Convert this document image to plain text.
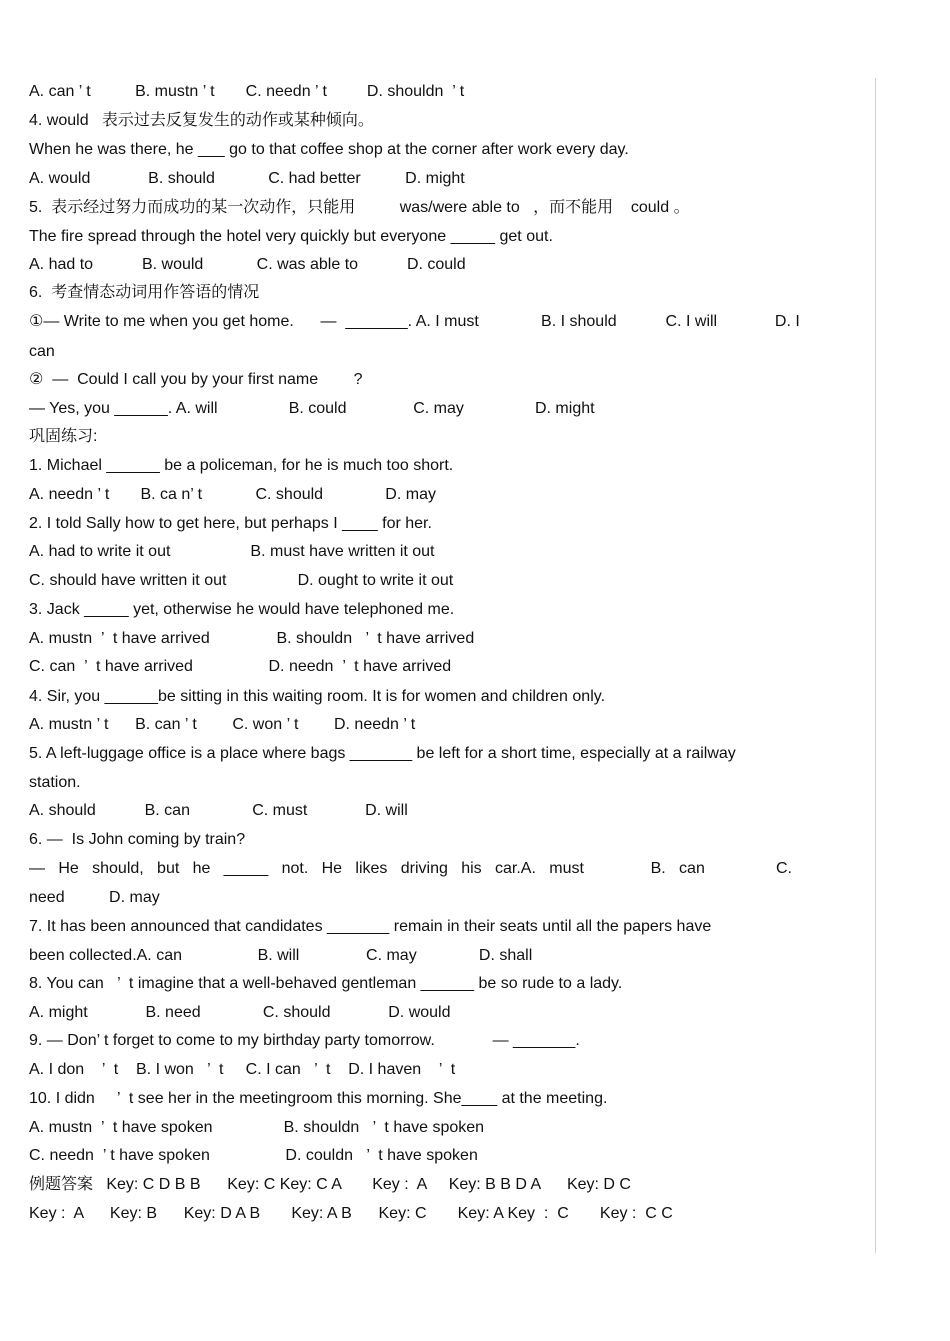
A. can ’ t          B. mustn ’ t       C. needn ’ t         D. shouldn  ’ t
4. would   表示过去反复发生的动作或某种倾向。
When he was there, he ___ go to that coffee shop at the corner after work every day.
A. would             B. should            C. had better          D. might
5.  表示经过努力而成功的某一次动作，只能用          was/were able to   ，而不能用    could 。
The fire spread through the hotel very quickly but everyone _____ get out.
A. had to           B. would            C. was able to           D. could
6.  考查情态动词用作答语的情况
①— Write to me when you get home.      —  _______. A. I must              B. I should           C. I will             D. I
can
②  —  Could I call you by your first name        ?
— Yes, you ______. A. will                B. could               C. may                D. might
巩固练习:
1. Michael ______ be a policeman, for he is much too short.
A. needn ’ t       B. ca n’ t            C. should              D. may
2. I told Sally how to get here, but perhaps I ____ for her.
A. had to write it out                  B. must have written it out
C. should have written it out                D. ought to write it out
3. Jack _____ yet, otherwise he would have telephoned me.
A. mustn  ’  t have arrived               B. shouldn   ’  t have arrived
C. can  ’  t have arrived                 D. needn  ’  t have arrived
4. Sir, you ______be sitting in this waiting room. It is for women and children only.
A. mustn ’ t      B. can ’ t        C. won ’ t        D. needn ’ t
5. A left-luggage office is a place where bags _______ be left for a short time, especially at a railway
station.
A. should           B. can              C. must             D. will
6. —  Is John coming by train?
—   He   should,   but   he   _____   not.   He   likes   driving   his   car.A.   must               B.   can                C.
need          D. may
7. It has been announced that candidates _______ remain in their seats until all the papers have
been collected.A. can                 B. will               C. may              D. shall
8. You can   ’  t imagine that a well-behaved gentleman ______ be so rude to a lady.
A. might             B. need              C. should             D. would
9. — Don’ t forget to come to my birthday party tomorrow.             — _______.
A. I don    ’  t    B. I won   ’  t     C. I can   ’  t    D. I haven    ’  t
10. I didn     ’  t see her in the meetingroom this morning. She____ at the meeting.
A. mustn  ’  t have spoken                B. shouldn   ’  t have spoken
C. needn  ’ t have spoken                 D. couldn   ’  t have spoken
例题答案   Key: C D B B      Key: C Key: C A       Key :  A     Key: B B D A      Key: D C
Key :  A      Key: B      Key: D A B       Key: A B      Key: C       Key: A Key  :  C       Key :  C C
